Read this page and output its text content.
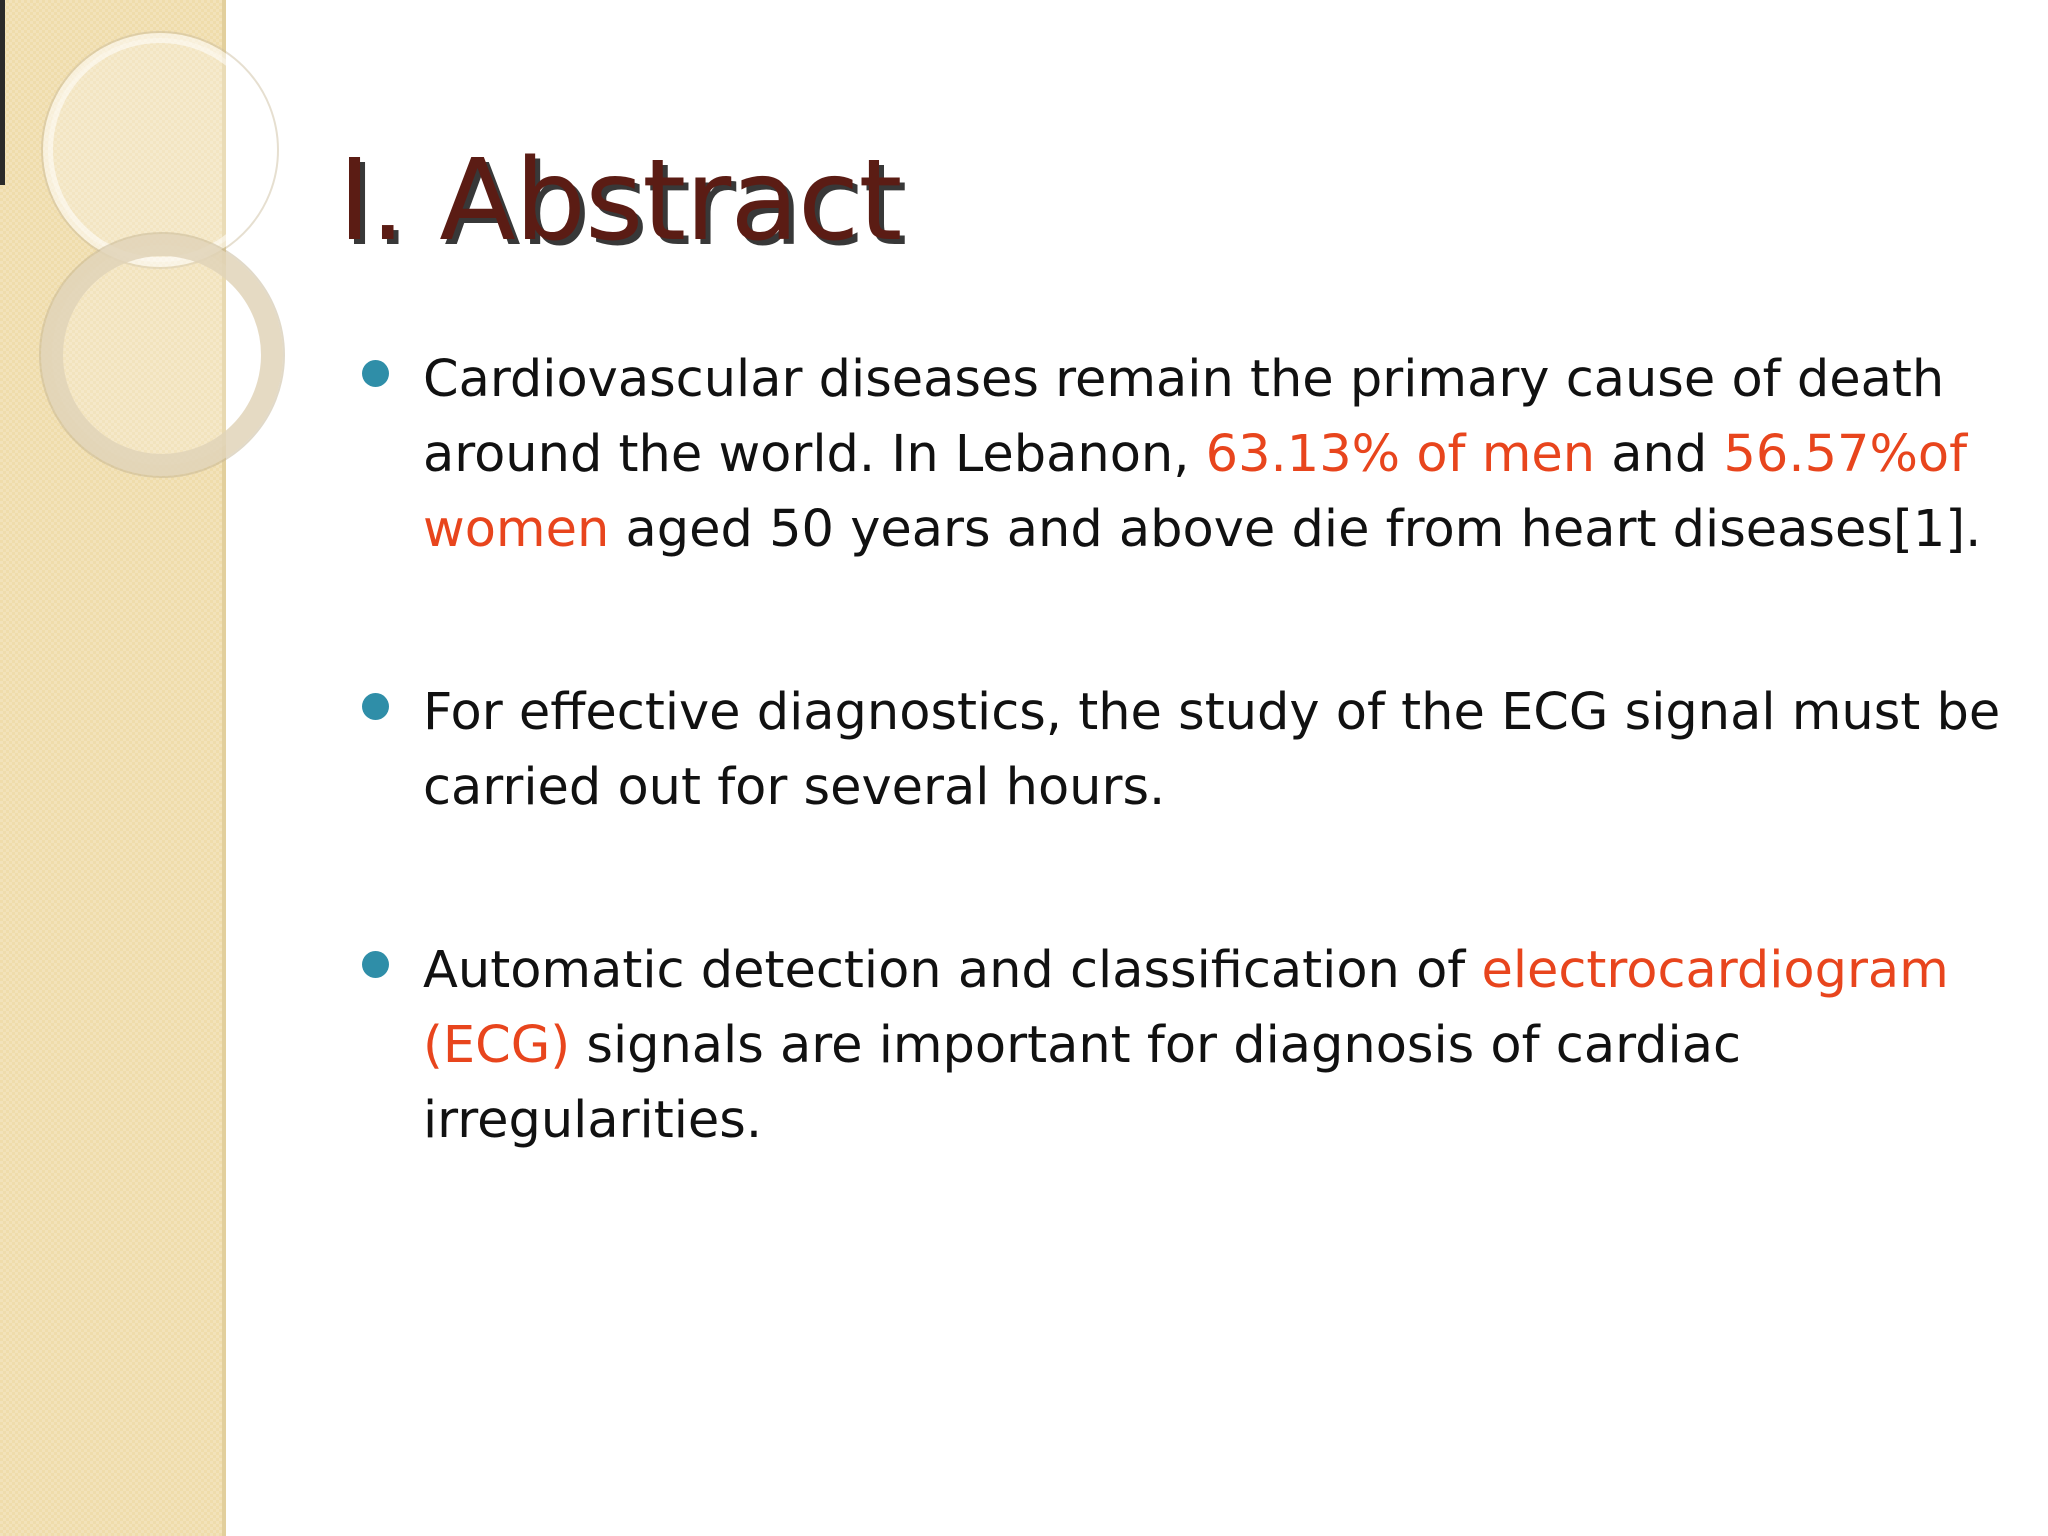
I. Abstract
Cardiovascular diseases remain the primary cause of death around the world. In Lebanon, 63.13% of men and 56.57%of women aged 50 years and above die from heart diseases[1].
For effective diagnostics, the study of the ECG signal must be carried out for several hours.
Automatic detection and classification of electrocardiogram (ECG) signals are important for diagnosis of cardiac irregularities.
